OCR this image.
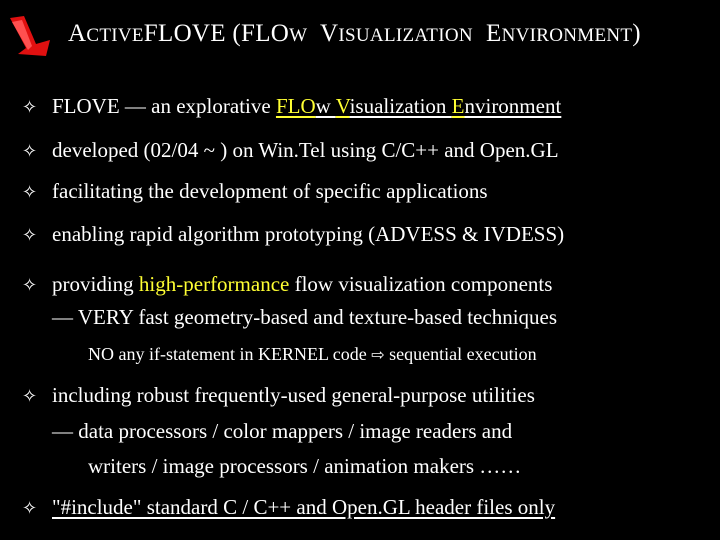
ACTIVEFLOVE (FLOW VISUALIZATION ENVIRONMENT)
✧ FLOVE — an explorative FLOw Visualization Environment
✧ developed (02/04 ~ ) on Win.Tel using C/C++ and Open.GL
✧ facilitating the development of specific applications
✧ enabling rapid algorithm prototyping (ADVESS & IVDESS)
✧ providing high-performance flow visualization components
— VERY fast geometry-based and texture-based techniques
NO any if-statement in KERNEL code ⇨ sequential execution
✧ including robust frequently-used general-purpose utilities
— data processors / color mappers / image readers and
writers / image processors / animation makers ……
✧ "#include" standard C / C++ and Open.GL header files only
